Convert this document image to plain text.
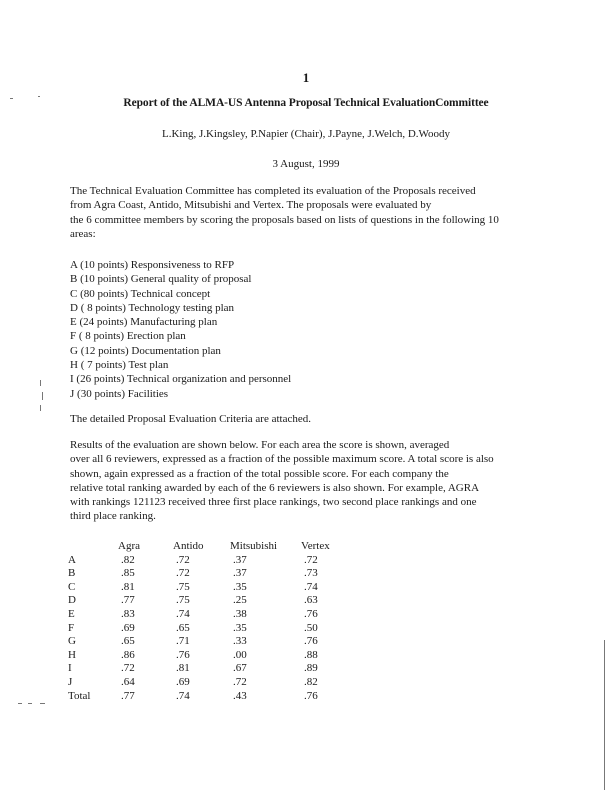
1
Report of the ALMA-US Antenna Proposal Technical EvaluationCommittee
L.King, J.Kingsley, P.Napier (Chair), J.Payne, J.Welch, D.Woody
3 August, 1999
The Technical Evaluation Committee has completed its evaluation of the Proposals received
from Agra Coast, Antido, Mitsubishi and Vertex. The proposals were evaluated by
the 6 committee members by scoring the proposals based on lists of questions in the following 10
areas:
A (10 points) Responsiveness to RFP
B (10 points) General quality of proposal
C (80 points) Technical concept
D ( 8 points) Technology testing plan
E (24 points) Manufacturing plan
F ( 8 points) Erection plan
G (12 points) Documentation plan
H ( 7 points) Test plan
I (26 points) Technical organization and personnel
J (30 points) Facilities
The detailed Proposal Evaluation Criteria are attached.
Results of the evaluation are shown below. For each area the score is shown, averaged
over all 6 reviewers, expressed as a fraction of the possible maximum score. A total score is also
shown, again expressed as a fraction of the total possible score. For each company the
relative total ranking awarded by each of the 6 reviewers is also shown. For example, AGRA
with rankings 121123 received three first place rankings, two second place rankings and one
third place ranking.
	Agra	Antido	Mitsubishi	Vertex
A	.82	.72	.37	.72
B	.85	.72	.37	.73
C	.81	.75	.35	.74
D	.77	.75	.25	.63
E	.83	.74	.38	.76
F	.69	.65	.35	.50
G	.65	.71	.33	.76
H	.86	.76	.00	.88
I	.72	.81	.67	.89
J	.64	.69	.72	.82
Total	.77	.74	.43	.76
